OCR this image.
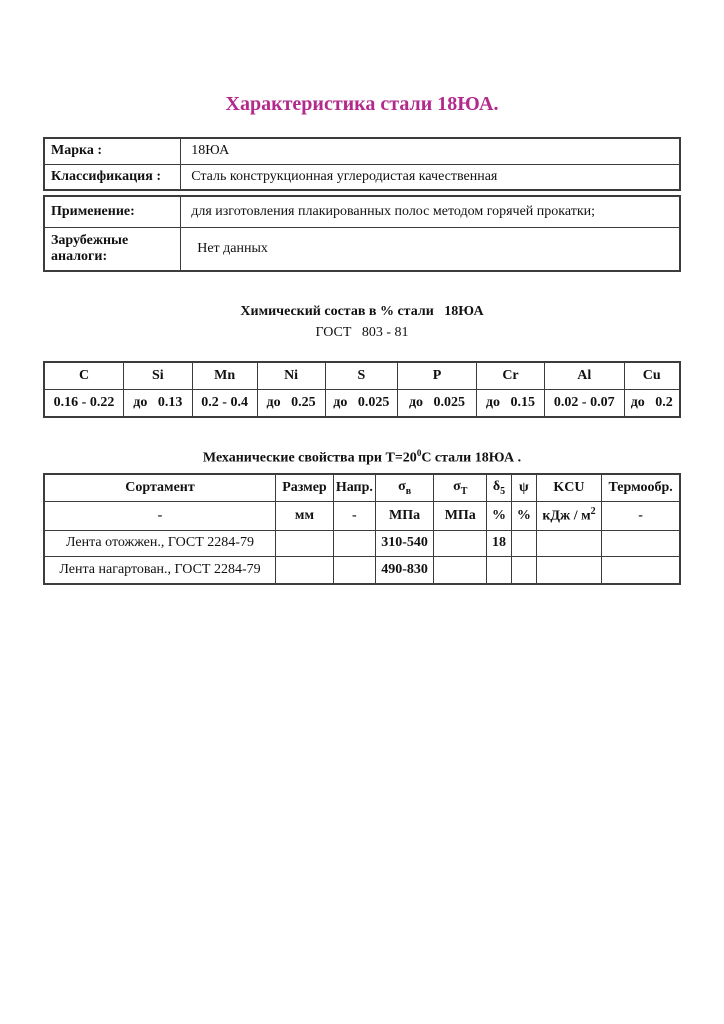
Характеристика стали 18ЮА.
Марка :	18ЮА
Классификация :	Сталь конструкционная углеродистая качественная
Применение:	для изготовления плакированных полос методом горячей прокатки;
Зарубежные аналоги:	Нет данных
Химический состав в % стали   18ЮА
ГОСТ   803 - 81
C	Si	Mn	Ni	S	P	Cr	Al	Cu
0.16 - 0.22	до   0.13	0.2 - 0.4	до   0.25	до   0.025	до   0.025	до   0.15	0.02 - 0.07	до   0.2
Механические свойства при $Т=20^0С$ стали 18ЮА .
Сортамент	Размер	Напр.	$\sigma_в$	$\sigma_Т$	$\delta_5$	ψ	KCU	Термообр.
-	мм	-	МПа	МПа	%	%	кДж / $м^2$	-
Лента отожжен., ГОСТ 2284-79			310-540		18			
Лента нагартован., ГОСТ 2284-79			490-830					
